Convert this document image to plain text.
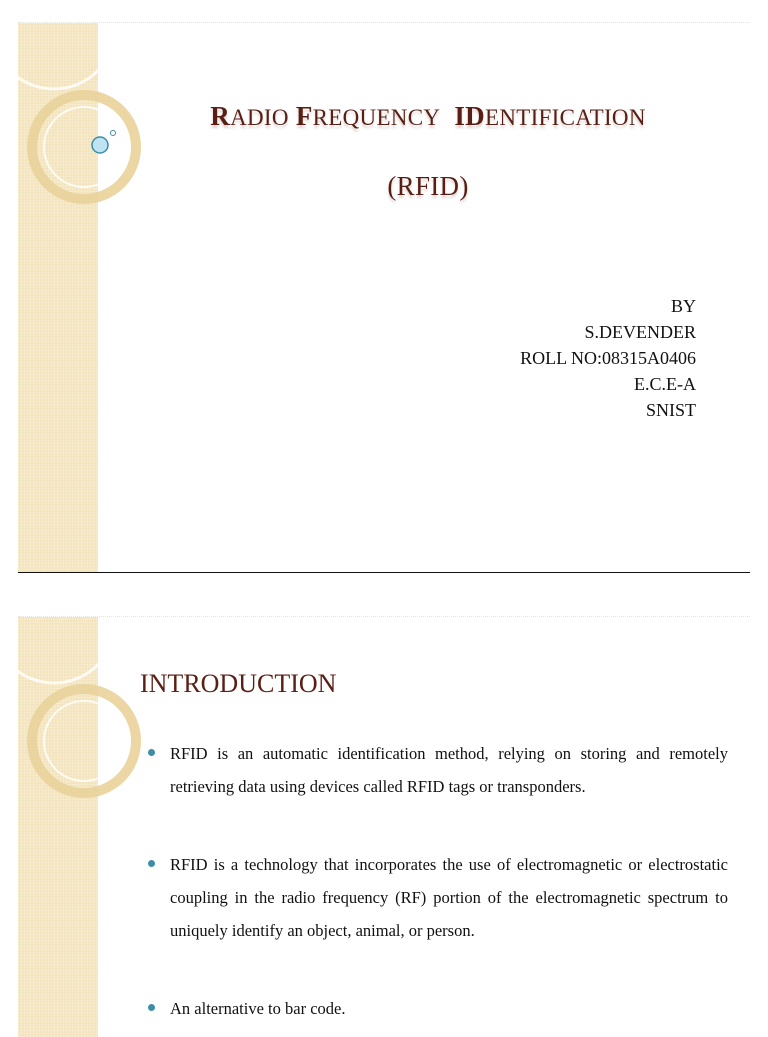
RADIO FREQUENCY IDENTIFICATION
(RFID)
BY
S.DEVENDER
ROLL NO:08315A0406
E.C.E-A
SNIST
INTRODUCTION
RFID is an automatic identification method, relying on storing and remotely retrieving data using devices called RFID tags or transponders.
RFID is a technology that incorporates the use of electromagnetic or electrostatic coupling in the radio frequency (RF) portion of the electromagnetic spectrum to uniquely identify an object, animal, or person.
An alternative to bar code.
